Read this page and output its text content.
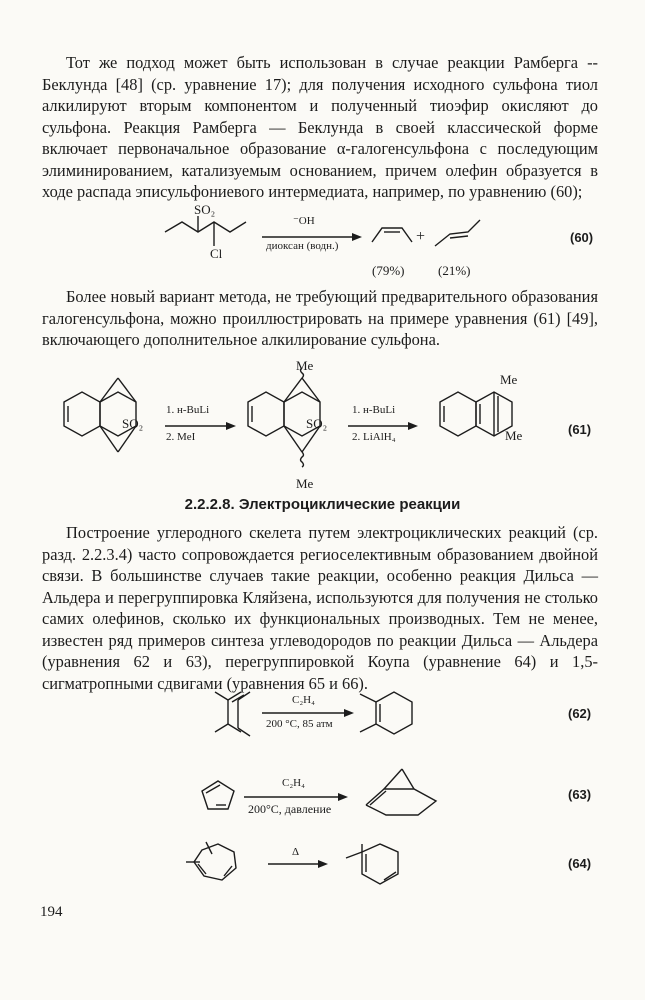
Тот же подход может быть использован в случае реакции Рамберга -- Беклунда [48] (ср. уравнение 17); для получения исходного сульфона тиол алкилируют вторым компонентом и полученный тиоэфир окисляют до сульфона. Реакция Рамберга — Беклунда в своей классической форме включает первоначальное образование α-галогенсульфона с последующим элиминированием, катализуемым основанием, причем олефин образуется в ходе распада эписульфониевого интермедиата, например, по уравнению (60);
SO₂
Cl
⁻OH
диоксан (водн.)
+
(79%)	(21%)
(60)
Более новый вариант метода, не требующий предварительного образования галогенсульфона, можно проиллюстрировать на примере уравнения (61) [49], включающего дополнительное алкилирование сульфона.
SO₂
1. н-BuLi
2. MeI
Me
SO₂
Me
1. н-BuLi
2. LiAlH₄
Me
Me	(61)
2.2.2.8. Электроциклические реакции
Построение углеродного скелета путем электроциклических реакций (ср. разд. 2.2.3.4) часто сопровождается региоселективным образованием двойной связи. В большинстве случаев такие реакции, особенно реакция Дильса — Альдера и перегруппировка Кляйзена, используются для получения не столько самих олефинов, сколько их функциональных производных. Тем не менее, известен ряд примеров синтеза углеводородов по реакции Дильса — Альдера (уравнения 62 и 63), перегруппировкой Коупа (уравнение 64) и 1,5-сигматропными сдвигами (уравнения 65 и 66).
C₂H₄
200 °C, 85 атм
(62)
C₂H₄
200°C, давление
(63)
Δ
(64)
194
